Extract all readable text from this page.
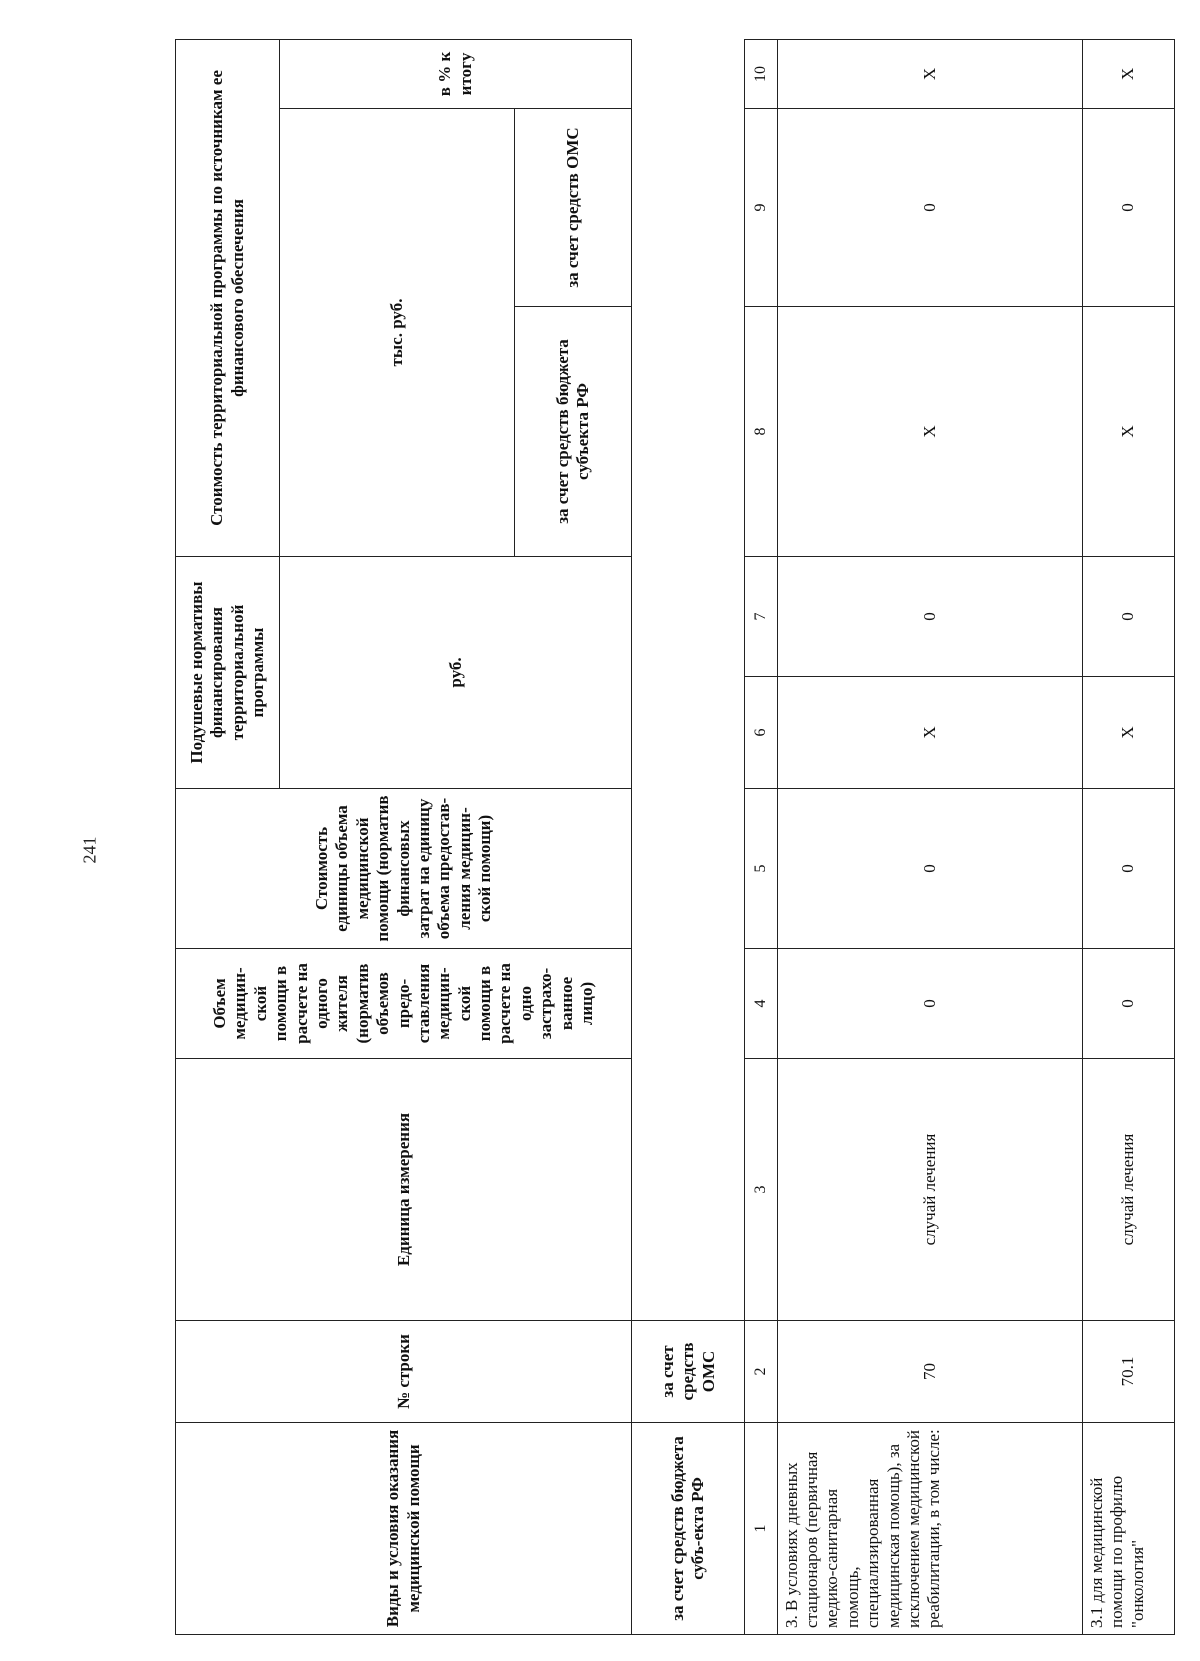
241
Виды и условия оказания медицинской помощи	№ строки	Единица измерения	Объем медицин-ской помощи в расчете на одного жителя (норматив объемов предо-ставления медицин-ской помощи в расчете на одно застрахо-ванное лицо)	Стоимость единицы объема медицинской помощи (норматив финансовых затрат на единицу объема предостав-ления медицин-ской помощи)	Подушевые нормативы финансирования территориальной программы		Стоимость территориальной программы по источникам ее финансового обеспечения		
					руб.		тыс. руб.		в % к итогу
							за счет средств бюджета субъекта РФ	за счет средств ОМС	
за счет средств бюджета субъ-екта РФ	за счет средств ОМС								
1	2	3	4	5	6	7	8	9	10
3. В условиях дневных стационаров (первичная медико-санитарная помощь, специализированная медицинская помощь), за исключением медицинской реабилитации, в том числе:	70	случай лечения	0	0	X	0	X	0	X
3.1 для медицинской помощи по профилю "онкология"	70.1	случай лечения	0	0	X	0	X	0	X
